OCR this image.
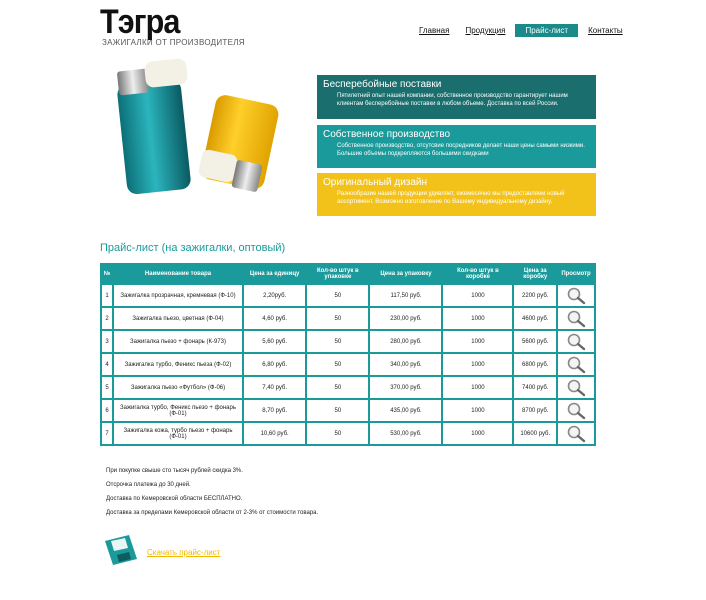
Тэгра
ЗАЖИГАЛКИ ОТ ПРОИЗВОДИТЕЛЯ
Главная	Продукция	Прайс-лист	Контакты
Бесперебойные поставки

Пятилетний опыт нашей компании, собственное производство гарантирует нашим клиентам бесперебойные поставки в любом объеме. Доставка по всей России.

Собственное производство

Собственное производство, отсутсвие посредников делает наши цены самыми низкими. Большие объемы подкрепляются большими скидками

Оригинальный дизайн

Разнообразие нашей продукции удивляет, ежемесячно мы предоставляем новый ассортимент. Возможно изготовление по Вашему индивидуальному дизайну.

Прайс-лист (на зажигалки, оптовый)
№	Наименование товара	Цена за единицу	Кол-во штук в упаковке	Цена за упаковку	Кол-во штук в коробке	Цена за коробку	Просмотр
1	Зажигалка прозрачная, кремневая (Ф-10)	2,20руб.	50	117,50 руб.	1000	2200 руб.	

2	Зажигалка пьезо, цветная (Ф-04)	4,60 руб.	50	230,00 руб.	1000	4600 руб.	

3	Зажигалка пьезо + фонарь (К-973)	5,60 руб.	50	280,00 руб.	1000	5600 руб.	

4	Зажигалка турбо, Феникс пьеза (Ф-02)	6,80 руб.	50	340,00 руб.	1000	6800 руб.	

5	Зажигалка пьезо «Футбол» (Ф-06)	7,40 руб.	50	370,00 руб.	1000	7400 руб.	

6	Зажигалка турбо, Феникс пьезо + фонарь (Ф-01)	8,70 руб.	50	435,00 руб.	1000	8700 руб.	

7	Зажигалка кожа, турбо пьезо + фонарь (Ф-01)	10,60 руб.	50	530,00 руб.	1000	10600 руб.	
При покупке свыше сто тысяч рублей скидка 3%.
Отсрочка платежа до 30 дней.
Доставка по Кемеровской области БЕСПЛАТНО.
Доставка за пределами Кемеровской области от 2-3% от стоимости товара.
Скачать прайс-лист
